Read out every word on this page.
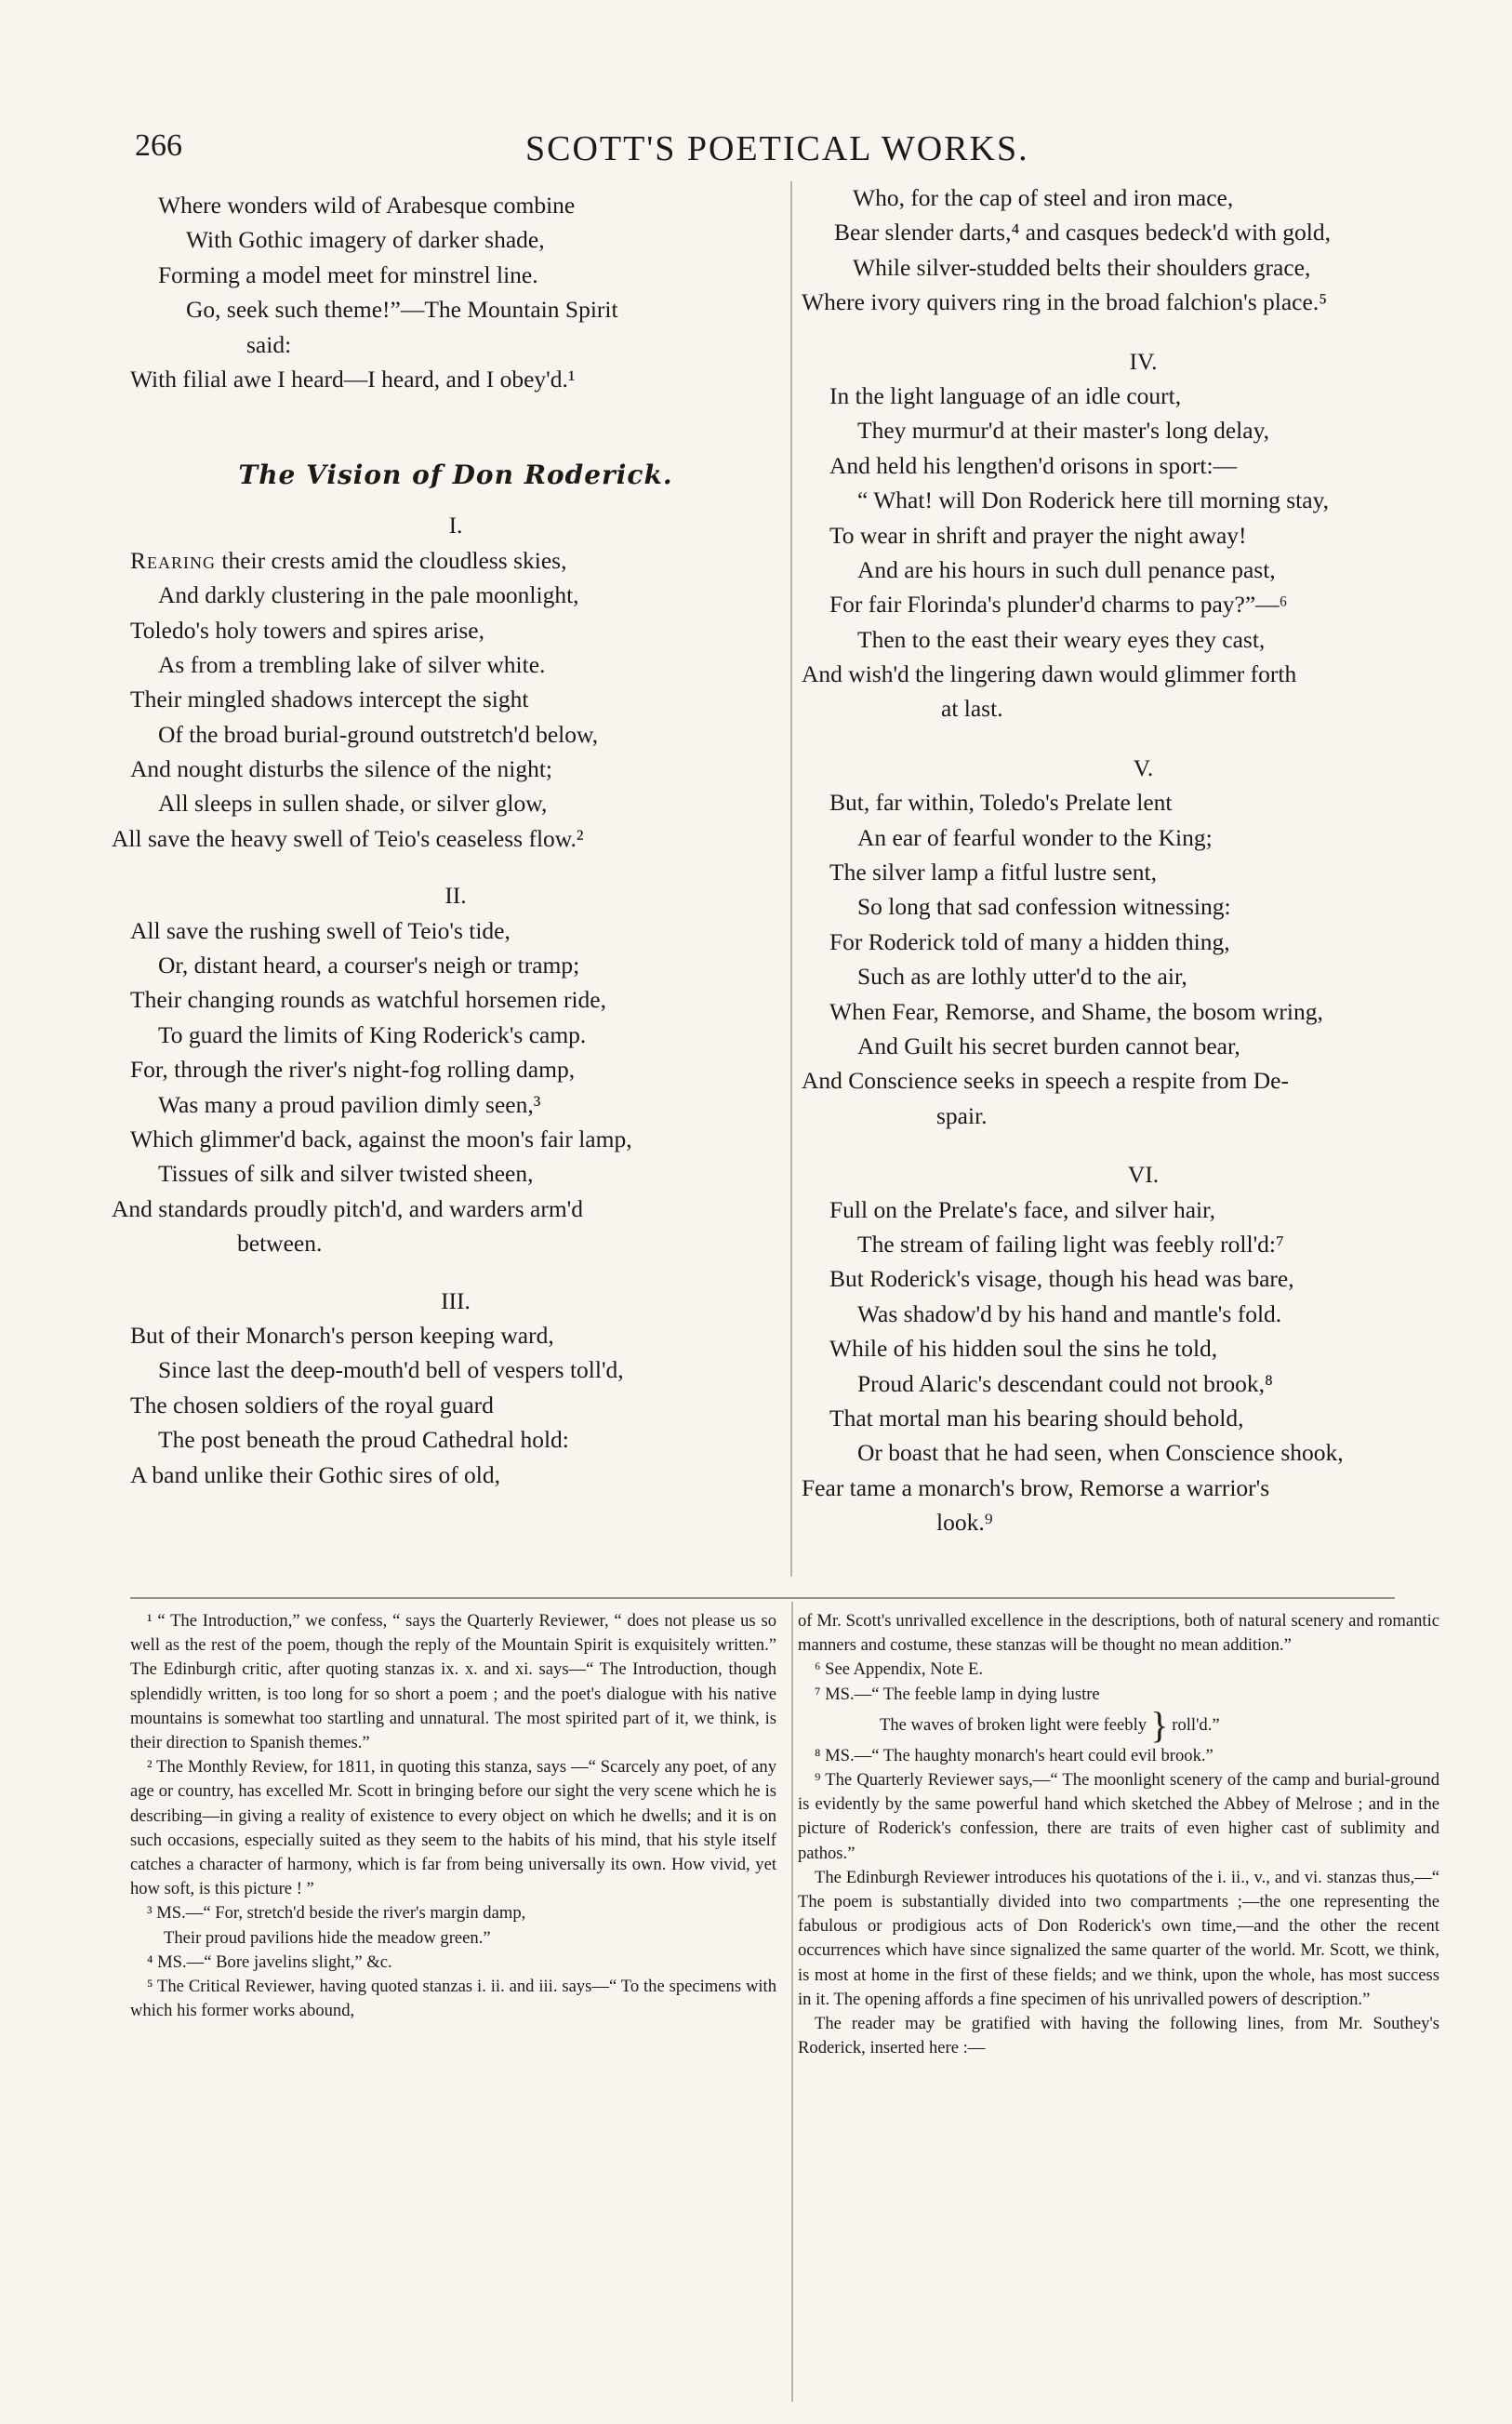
266	SCOTT'S POETICAL WORKS.
Where wonders wild of Arabesque combine
With Gothic imagery of darker shade,
Forming a model meet for minstrel line.
Go, seek such theme!”—The Mountain Spirit
said:
With filial awe I heard—I heard, and I obey'd.¹
The Vision of Don Roderick.
I.
Rearing their crests amid the cloudless skies,
And darkly clustering in the pale moonlight,
Toledo's holy towers and spires arise,
As from a trembling lake of silver white.
Their mingled shadows intercept the sight
Of the broad burial-ground outstretch'd below,
And nought disturbs the silence of the night;
All sleeps in sullen shade, or silver glow,
All save the heavy swell of Teio's ceaseless flow.²
II.
All save the rushing swell of Teio's tide,
Or, distant heard, a courser's neigh or tramp;
Their changing rounds as watchful horsemen ride,
To guard the limits of King Roderick's camp.
For, through the river's night-fog rolling damp,
Was many a proud pavilion dimly seen,³
Which glimmer'd back, against the moon's fair lamp,
Tissues of silk and silver twisted sheen,
And standards proudly pitch'd, and warders arm'd
between.
III.
But of their Monarch's person keeping ward,
Since last the deep-mouth'd bell of vespers toll'd,
The chosen soldiers of the royal guard
The post beneath the proud Cathedral hold:
A band unlike their Gothic sires of old,
Who, for the cap of steel and iron mace,
Bear slender darts,⁴ and casques bedeck'd with gold,
While silver-studded belts their shoulders grace,
Where ivory quivers ring in the broad falchion's place.⁵
IV.
In the light language of an idle court,
They murmur'd at their master's long delay,
And held his lengthen'd orisons in sport:—
“ What! will Don Roderick here till morning stay,
To wear in shrift and prayer the night away!
And are his hours in such dull penance past,
For fair Florinda's plunder'd charms to pay?”—⁶
Then to the east their weary eyes they cast,
And wish'd the lingering dawn would glimmer forth
at last.
V.
But, far within, Toledo's Prelate lent
An ear of fearful wonder to the King;
The silver lamp a fitful lustre sent,
So long that sad confession witnessing:
For Roderick told of many a hidden thing,
Such as are lothly utter'd to the air,
When Fear, Remorse, and Shame, the bosom wring,
And Guilt his secret burden cannot bear,
And Conscience seeks in speech a respite from De-
spair.
VI.
Full on the Prelate's face, and silver hair,
The stream of failing light was feebly roll'd:⁷
But Roderick's visage, though his head was bare,
Was shadow'd by his hand and mantle's fold.
While of his hidden soul the sins he told,
Proud Alaric's descendant could not brook,⁸
That mortal man his bearing should behold,
Or boast that he had seen, when Conscience shook,
Fear tame a monarch's brow, Remorse a warrior's
look.⁹

¹ “ The Introduction,” we confess, “ says the Quarterly Reviewer, “ does not please us so well as the rest of the poem, though the reply of the Mountain Spirit is exquisitely written.” The Edinburgh critic, after quoting stanzas ix. x. and xi. says—“ The Introduction, though splendidly written, is too long for so short a poem ; and the poet's dialogue with his native mountains is somewhat too startling and unnatural. The most spirited part of it, we think, is their direction to Spanish themes.”

² The Monthly Review, for 1811, in quoting this stanza, says —“ Scarcely any poet, of any age or country, has excelled Mr. Scott in bringing before our sight the very scene which he is describing—in giving a reality of existence to every object on which he dwells; and it is on such occasions, especially suited as they seem to the habits of his mind, that his style itself catches a character of harmony, which is far from being universally its own. How vivid, yet how soft, is this picture ! ”

³ MS.—“ For, stretch'd beside the river's margin damp,

Their proud pavilions hide the meadow green.”

⁴ MS.—“ Bore javelins slight,” &c.

⁵ The Critical Reviewer, having quoted stanzas i. ii. and iii. says—“ To the specimens with which his former works abound,

of Mr. Scott's unrivalled excellence in the descriptions, both of natural scenery and romantic manners and costume, these stanzas will be thought no mean addition.”

⁶ See Appendix, Note E.

⁷ MS.—“ The feeble lamp in dying lustre

The waves of broken light were feebly } roll'd.”

⁸ MS.—“ The haughty monarch's heart could evil brook.”

⁹ The Quarterly Reviewer says,—“ The moonlight scenery of the camp and burial-ground is evidently by the same powerful hand which sketched the Abbey of Melrose ; and in the picture of Roderick's confession, there are traits of even higher cast of sublimity and pathos.”

The Edinburgh Reviewer introduces his quotations of the i. ii., v., and vi. stanzas thus,—“ The poem is substantially divided into two compartments ;—the one representing the fabulous or prodigious acts of Don Roderick's own time,—and the other the recent occurrences which have since signalized the same quarter of the world. Mr. Scott, we think, is most at home in the first of these fields; and we think, upon the whole, has most success in it. The opening affords a fine specimen of his unrivalled powers of description.”

The reader may be gratified with having the following lines, from Mr. Southey's Roderick, inserted here :—
